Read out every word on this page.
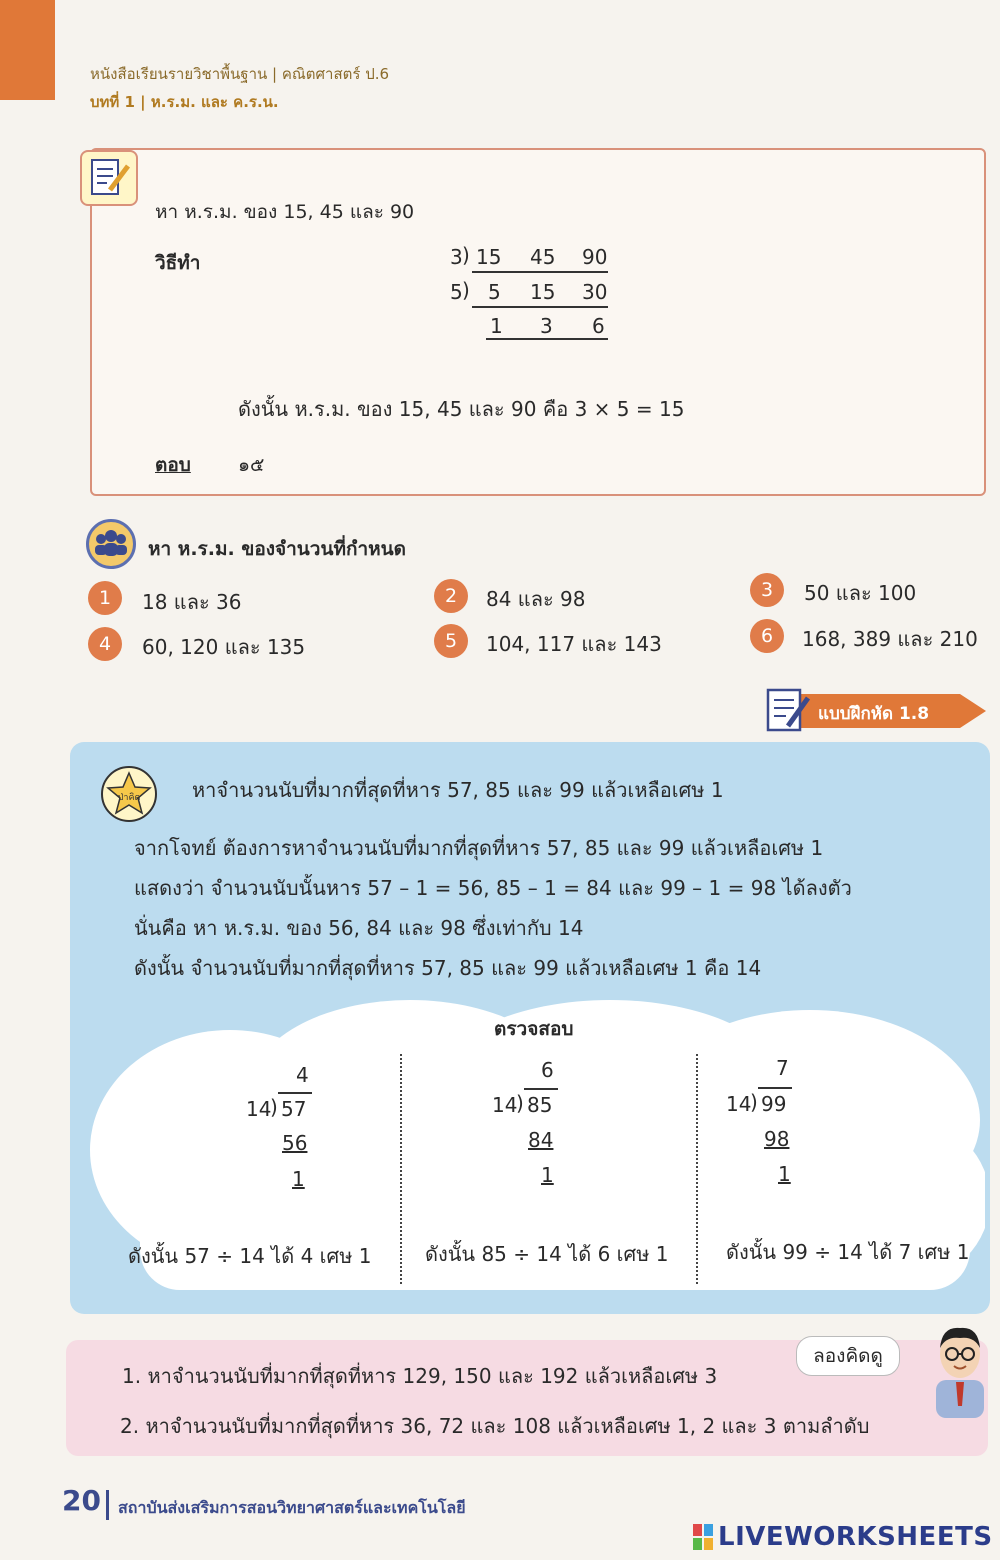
หนังสือเรียนรายวิชาพื้นฐาน | คณิตศาสตร์ ป.6
บทที่ 1 | ห.ร.ม. และ ค.ร.น.
หา ห.ร.ม. ของ 15, 45 และ 90
วิธีทำ	3 ) 15 45 90
5 ) 5 15 30
1 3 6
ดังนั้น ห.ร.ม. ของ 15, 45 และ 90 คือ 3 × 5 = 15
ตอบ ๑๕
หา ห.ร.ม. ของจำนวนที่กำหนด
1	18 และ 36	2	84 และ 98	3	50 และ 100
4	60, 120 และ 135	5	104, 117 และ 143	6	168, 389 และ 210
แบบฝึกหัด 1.8
ป่าคิด	หาจำนวนนับที่มากที่สุดที่หาร 57, 85 และ 99 แล้วเหลือเศษ 1
จากโจทย์ ต้องการหาจำนวนนับที่มากที่สุดที่หาร 57, 85 และ 99 แล้วเหลือเศษ 1
แสดงว่า จำนวนนับนั้นหาร 57 – 1 = 56, 85 – 1 = 84 และ 99 – 1 = 98 ได้ลงตัว
นั่นคือ หา ห.ร.ม. ของ 56, 84 และ 98 ซึ่งเท่ากับ 14
ดังนั้น จำนวนนับที่มากที่สุดที่หาร 57, 85 และ 99 แล้วเหลือเศษ 1 คือ 14
ตรวจสอบ
4
14
) 57
56
1
ดังนั้น 57 ÷ 14 ได้ 4 เศษ 1
6
14
) 85
84
1
ดังนั้น 85 ÷ 14 ได้ 6 เศษ 1
7
14
) 99
98
1
ดังนั้น 99 ÷ 14 ได้ 7 เศษ 1
ลองคิดดู
1. หาจำนวนนับที่มากที่สุดที่หาร 129, 150 และ 192 แล้วเหลือเศษ 3
2. หาจำนวนนับที่มากที่สุดที่หาร 36, 72 และ 108 แล้วเหลือเศษ 1, 2 และ 3 ตามลำดับ
20 สถาบันส่งเสริมการสอนวิทยาศาสตร์และเทคโนโลยี
LIVEWORKSHEETS
